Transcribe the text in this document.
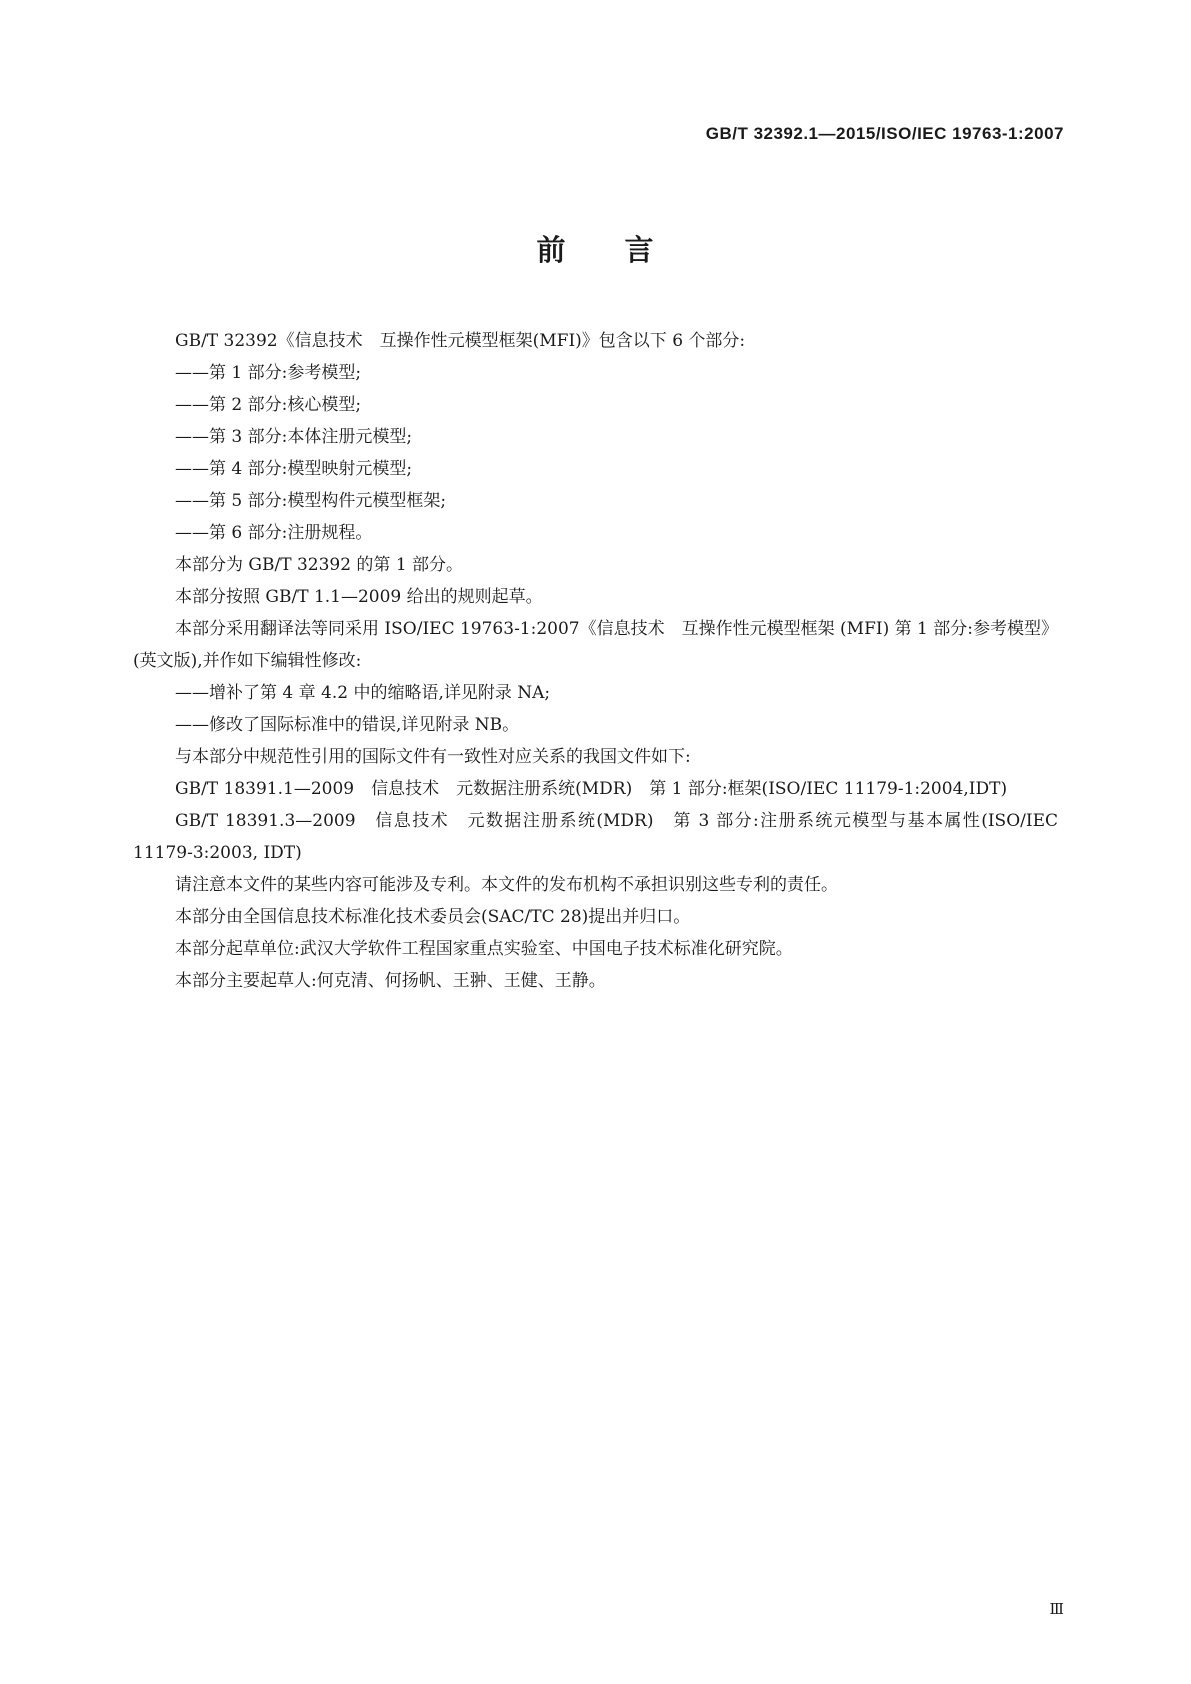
GB/T 32392.1—2015/ISO/IEC 19763-1:2007
前 言

GB/T 32392《信息技术　互操作性元模型框架(MFI)》包含以下 6 个部分:

——第 1 部分:参考模型;

——第 2 部分:核心模型;

——第 3 部分:本体注册元模型;

——第 4 部分:模型映射元模型;

——第 5 部分:模型构件元模型框架;

——第 6 部分:注册规程。

本部分为 GB/T 32392 的第 1 部分。

本部分按照 GB/T 1.1—2009 给出的规则起草。

本部分采用翻译法等同采用 ISO/IEC 19763-1:2007《信息技术　互操作性元模型框架 (MFI) 第 1 部分:参考模型》(英文版),并作如下编辑性修改:

——增补了第 4 章 4.2 中的缩略语,详见附录 NA;

——修改了国际标准中的错误,详见附录 NB。

与本部分中规范性引用的国际文件有一致性对应关系的我国文件如下:

GB/T 18391.1—2009　信息技术　元数据注册系统(MDR)　第 1 部分:框架(ISO/IEC 11179-1:2004,IDT)

GB/T 18391.3—2009　信息技术　元数据注册系统(MDR)　第 3 部分:注册系统元模型与基本属性(ISO/IEC 11179-3:2003, IDT)

请注意本文件的某些内容可能涉及专利。本文件的发布机构不承担识别这些专利的责任。

本部分由全国信息技术标准化技术委员会(SAC/TC 28)提出并归口。

本部分起草单位:武汉大学软件工程国家重点实验室、中国电子技术标准化研究院。

本部分主要起草人:何克清、何扬帆、王翀、王健、王静。

Ⅲ
